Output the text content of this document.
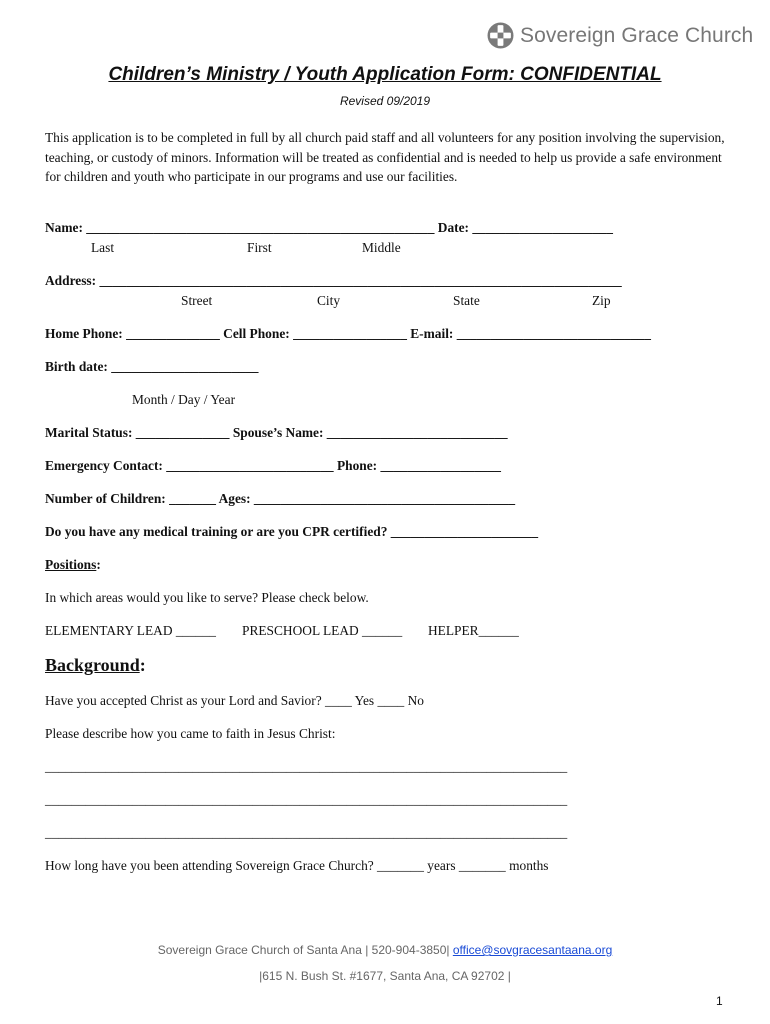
Sovereign Grace Church
Children’s Ministry / Youth Application Form: CONFIDENTIAL
Revised 09/2019
This application is to be completed in full by all church paid staff and all volunteers for any position involving the supervision, teaching, or custody of minors. Information will be treated as confidential and is needed to help us provide a safe environment for children and youth who participate in our programs and use our facilities.
Name: ____________________________________________________ Date: _____________________
Last	First	Middle
Address: ______________________________________________________________________________
Street	City	State	Zip
Home Phone: ______________ Cell Phone: _________________ E-mail: _____________________________
Birth date: ______________________
Month / Day / Year
Marital Status: ______________ Spouse’s Name: ___________________________
Emergency Contact: _________________________ Phone: __________________
Number of Children: _______ Ages: _______________________________________
Do you have any medical training or are you CPR certified? ______________________
Positions:
In which areas would you like to serve? Please check below.
ELEMENTARY LEAD ______ PRESCHOOL LEAD ______ HELPER______
Background:
Have you accepted Christ as your Lord and Savior? ____ Yes ____ No
Please describe how you came to faith in Jesus Christ:
______________________________________________________________________________
______________________________________________________________________________
______________________________________________________________________________
How long have you been attending Sovereign Grace Church? _______ years _______ months
Sovereign Grace Church of Santa Ana | 520-904-3850| office@sovgracesantaana.org
|615 N. Bush St. #1677, Santa Ana, CA 92702 |
1
